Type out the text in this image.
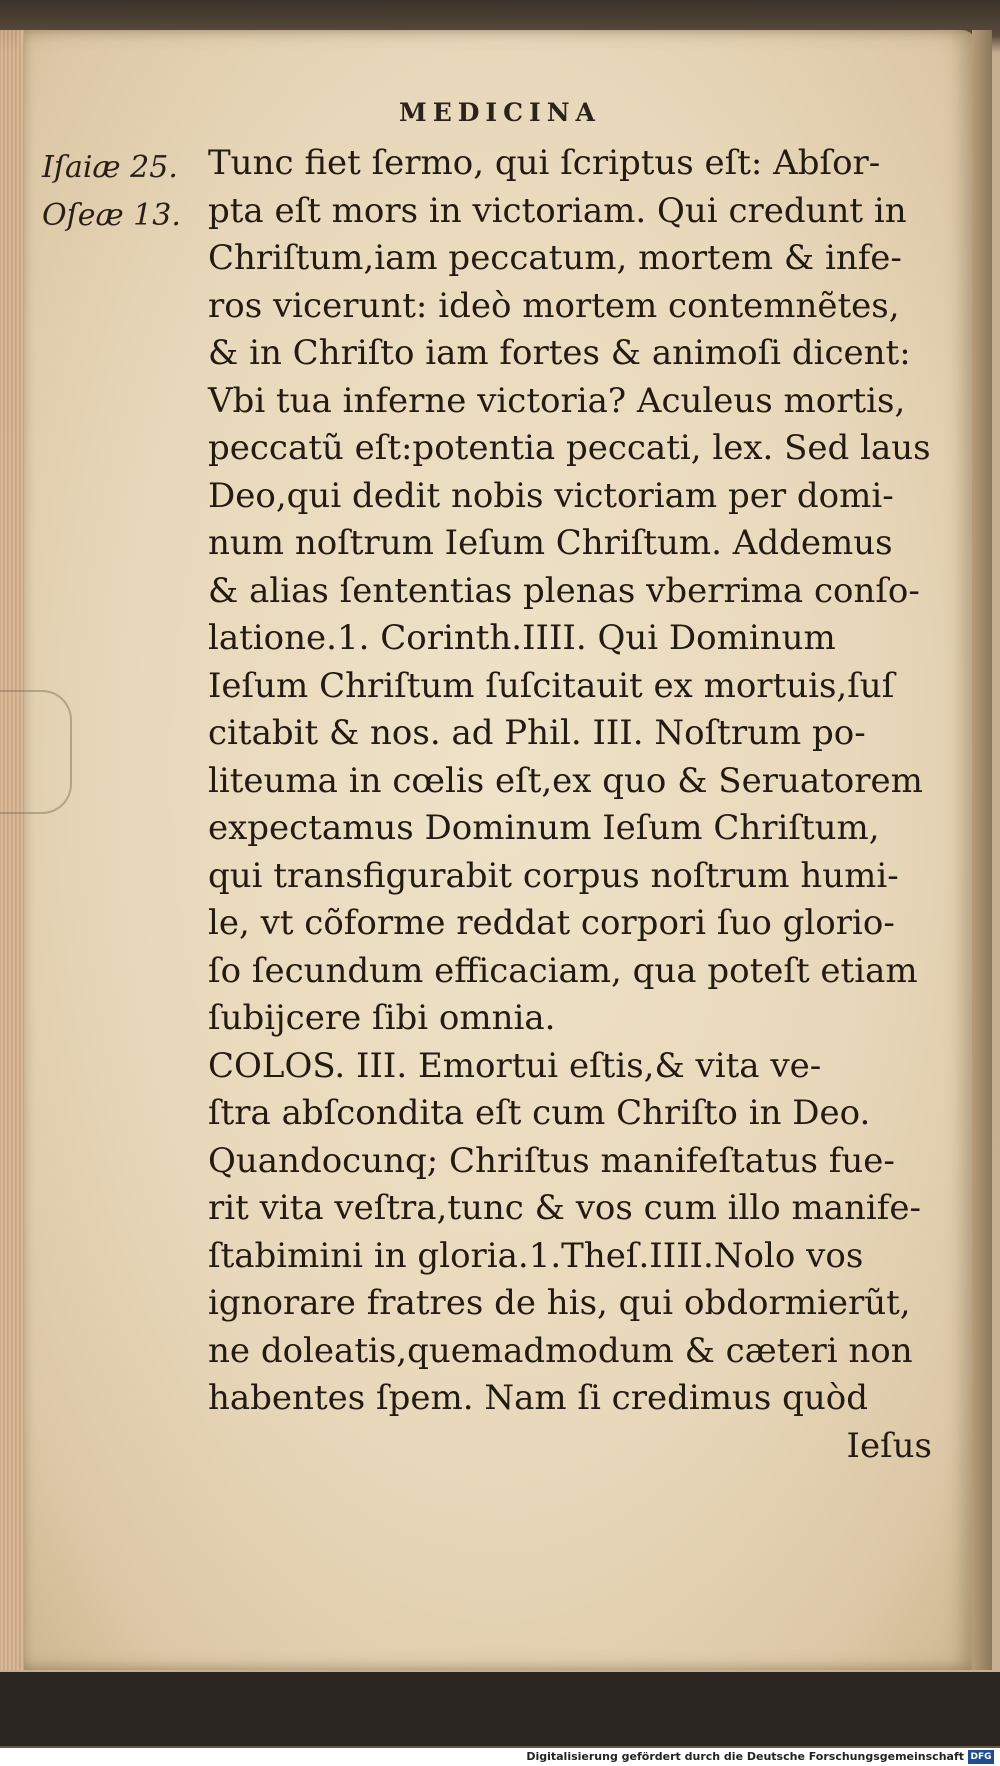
MEDICINA
Iſaiæ 25.
Oſeæ 13.
Tunc fiet ſermo, qui ſcriptus eſt: Abſor-
pta eſt mors in victoriam. Qui credunt in
Chriſtum,iam peccatum, mortem & infe-
ros vicerunt: ideò mortem contemnẽtes,
& in Chriſto iam fortes & animoſi dicent:
Vbi tua inferne victoria? Aculeus mortis,
peccatũ eſt:potentia peccati, lex. Sed laus
Deo,qui dedit nobis victoriam per domi-
num noſtrum Ieſum Chriſtum. Addemus
& alias ſententias plenas vberrima conſo-
latione.1. Corinth.IIII. Qui Dominum
Ieſum Chriſtum ſuſcitauit ex mortuis,ſuſ
citabit & nos. ad Phil. III. Noſtrum po-
liteuma in cœlis eſt,ex quo & Seruatorem
expectamus Dominum Ieſum Chriſtum,
qui transfigurabit corpus noſtrum humi-
le, vt cõforme reddat corpori ſuo glorio-
ſo ſecundum efficaciam, qua poteſt etiam
ſubijcere ſibi omnia.
COLOS. III. Emortui eſtis,& vita ve-
ſtra abſcondita eſt cum Chriſto in Deo.
Quandocunq; Chriſtus manifeſtatus fue-
rit vita veſtra,tunc & vos cum illo manife-
ſtabimini in gloria.1.Theſ.IIII.Nolo vos
ignorare fratres de his, qui obdormierũt,
ne doleatis,quemadmodum & cæteri non
habentes ſpem. Nam ſi credimus quòd
Ieſus
Digitalisierung gefördert durch die Deutsche Forschungsgemeinschaft DFG
